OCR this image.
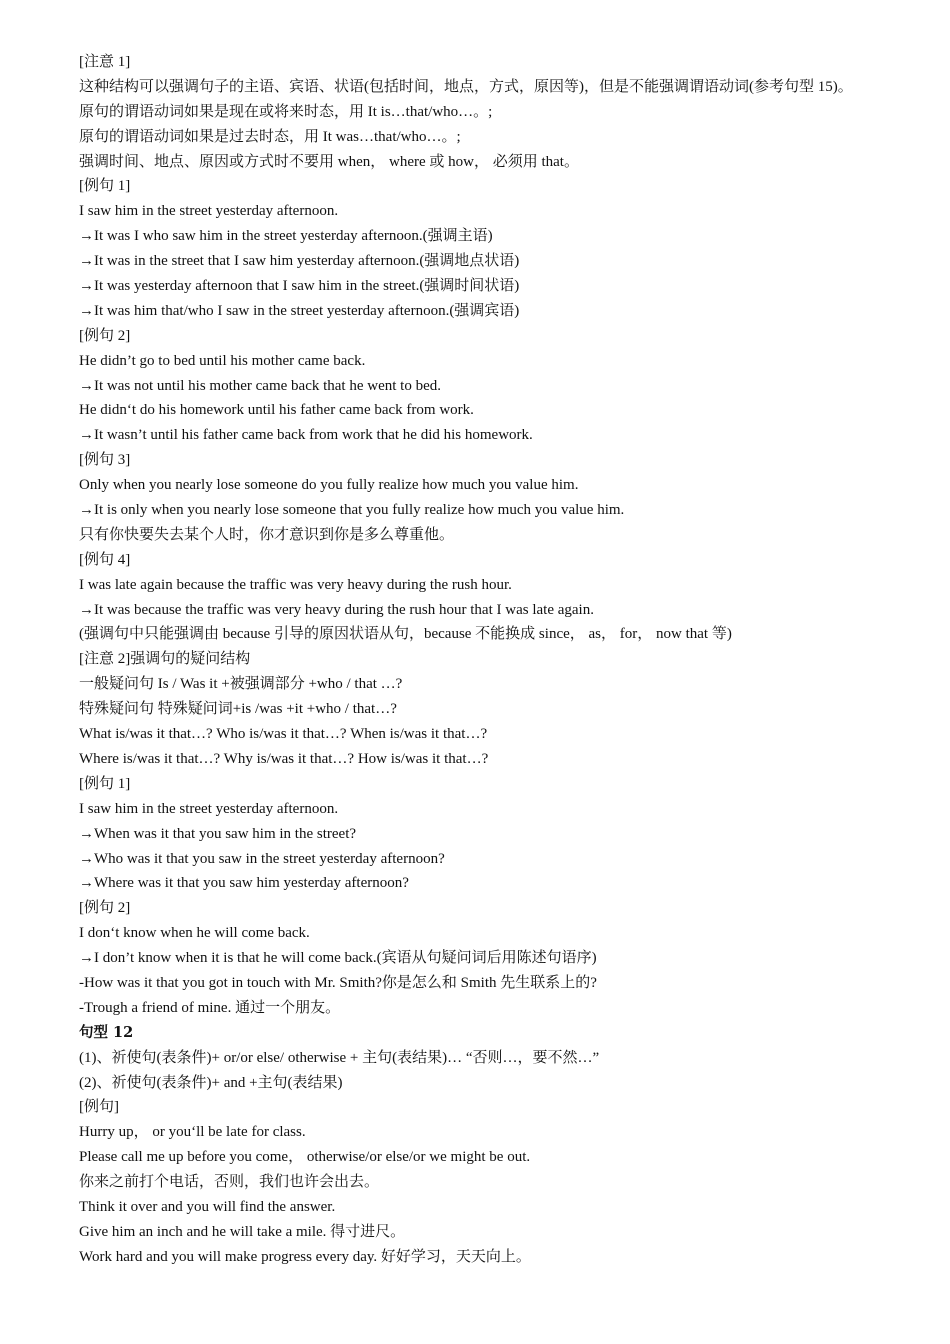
[注意 1]
这种结构可以强调句子的主语、宾语、状语(包括时间，地点，方式，原因等)，但是不能强调谓语动词(参考句型 15)。
原句的谓语动词如果是现在或将来时态，用 It is…that/who…。;
原句的谓语动词如果是过去时态，用 It was…that/who…。;
强调时间、地点、原因或方式时不要用 when， where 或 how， 必须用 that。
[例句 1]
I saw him in the street yesterday afternoon.
→It was I who saw him in the street yesterday afternoon.(强调主语)
→It was in the street that I saw him yesterday afternoon.(强调地点状语)
→It was yesterday afternoon that I saw him in the street.(强调时间状语)
→It was him that/who I saw in the street yesterday afternoon.(强调宾语)
[例句 2]
He didn’t go to bed until his mother came back.
→It was not until his mother came back that he went to bed.
He didn‘t do his homework until his father came back from work.
→It wasn’t until his father came back from work that he did his homework.
[例句 3]
Only when you nearly lose someone do you fully realize how much you value him.
→It is only when you nearly lose someone that you fully realize how much you value him.
只有你快要失去某个人时，你才意识到你是多么尊重他。
[例句 4]
I was late again because the traffic was very heavy during the rush hour.
→It was because the traffic was very heavy during the rush hour that I was late again.
(强调句中只能强调由 because 引导的原因状语从句，because 不能换成 since， as， for， now that 等)
[注意 2]强调句的疑问结构
一般疑问句 Is / Was it +被强调部分 +who / that …?
特殊疑问句 特殊疑问词+is /was +it +who / that…?
What is/was it that…? Who is/was it that…? When is/was it that…?
Where is/was it that…? Why is/was it that…? How is/was it that…?
[例句 1]
I saw him in the street yesterday afternoon.
→When was it that you saw him in the street?
→Who was it that you saw in the street yesterday afternoon?
→Where was it that you saw him yesterday afternoon?
[例句 2]
I don‘t know when he will come back.
→I don’t know when it is that he will come back.(宾语从句疑问词后用陈述句语序)
-How was it that you got in touch with Mr. Smith?你是怎么和 Smith 先生联系上的?
-Trough a friend of mine. 通过一个朋友。
句型 12
(1)、祈使句(表条件)+ or/or else/ otherwise + 主句(表结果)… “否则…，要不然…”
(2)、祈使句(表条件)+ and +主句(表结果)
[例句]
Hurry up， or you‘ll be late for class.
Please call me up before you come， otherwise/or else/or we might be out.
你来之前打个电话，否则，我们也许会出去。
Think it over and you will find the answer.
Give him an inch and he will take a mile. 得寸进尺。
Work hard and you will make progress every day. 好好学习，天天向上。
